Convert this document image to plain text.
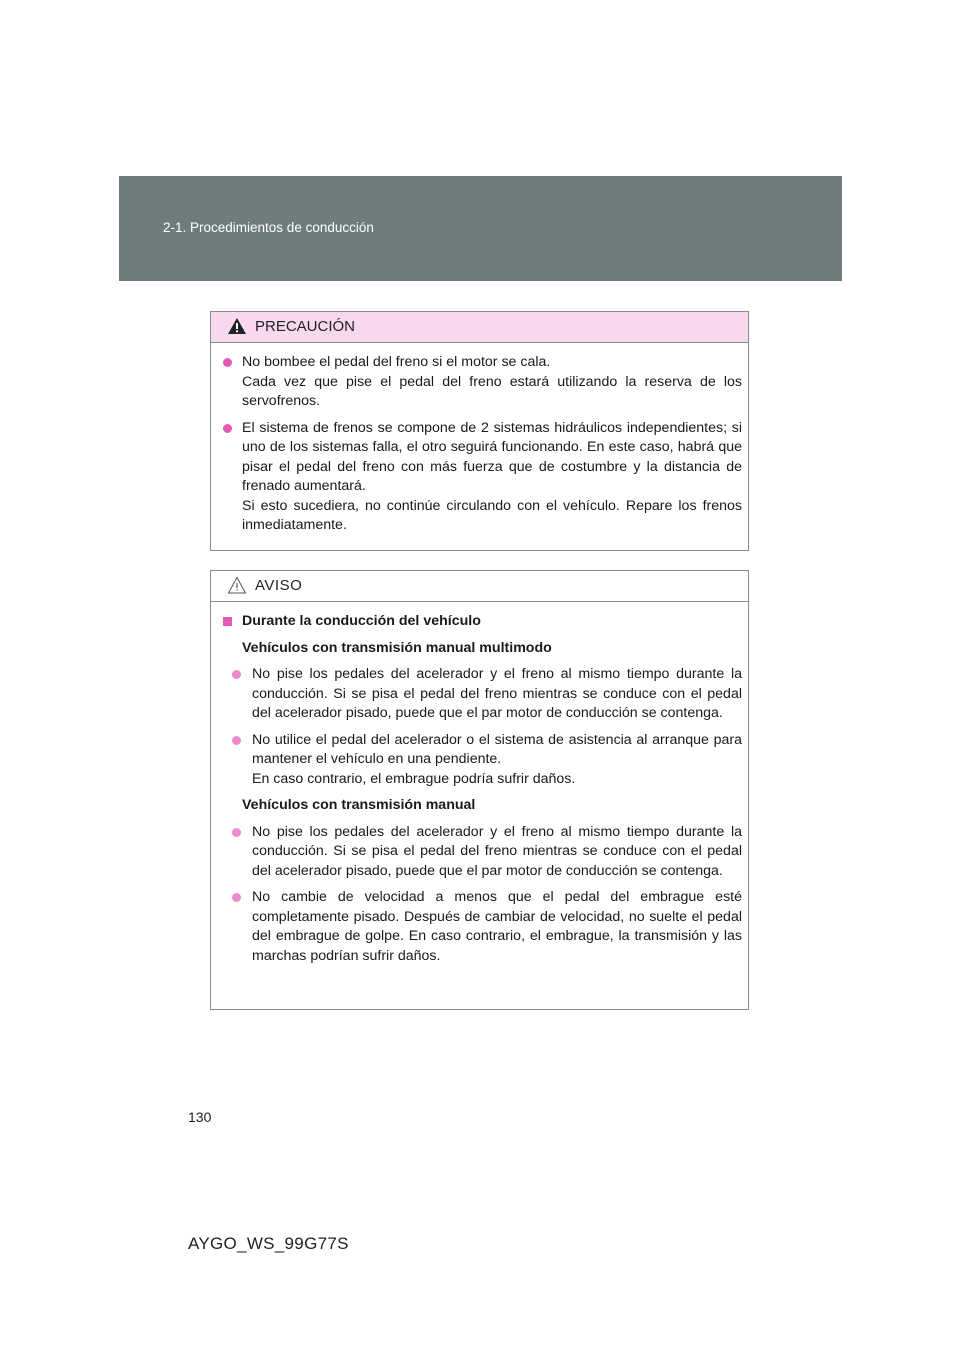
2-1. Procedimientos de conducción
PRECAUCIÓN
No bombee el pedal del freno si el motor se cala.
Cada vez que pise el pedal del freno estará utilizando la reserva de los servofrenos.
El sistema de frenos se compone de 2 sistemas hidráulicos independientes; si uno de los sistemas falla, el otro seguirá funcionando. En este caso, habrá que pisar el pedal del freno con más fuerza que de costumbre y la distancia de frenado aumentará.
Si esto sucediera, no continúe circulando con el vehículo. Repare los frenos inmediatamente.
AVISO
Durante la conducción del vehículo
Vehículos con transmisión manual multimodo
No pise los pedales del acelerador y el freno al mismo tiempo durante la conducción. Si se pisa el pedal del freno mientras se conduce con el pedal del acelerador pisado, puede que el par motor de conducción se contenga.
No utilice el pedal del acelerador o el sistema de asistencia al arranque para mantener el vehículo en una pendiente.
En caso contrario, el embrague podría sufrir daños.
Vehículos con transmisión manual
No pise los pedales del acelerador y el freno al mismo tiempo durante la conducción. Si se pisa el pedal del freno mientras se conduce con el pedal del acelerador pisado, puede que el par motor de conducción se contenga.
No cambie de velocidad a menos que el pedal del embrague esté completamente pisado. Después de cambiar de velocidad, no suelte el pedal del embrague de golpe. En caso contrario, el embrague, la transmisión y las marchas podrían sufrir daños.
130
AYGO_WS_99G77S
